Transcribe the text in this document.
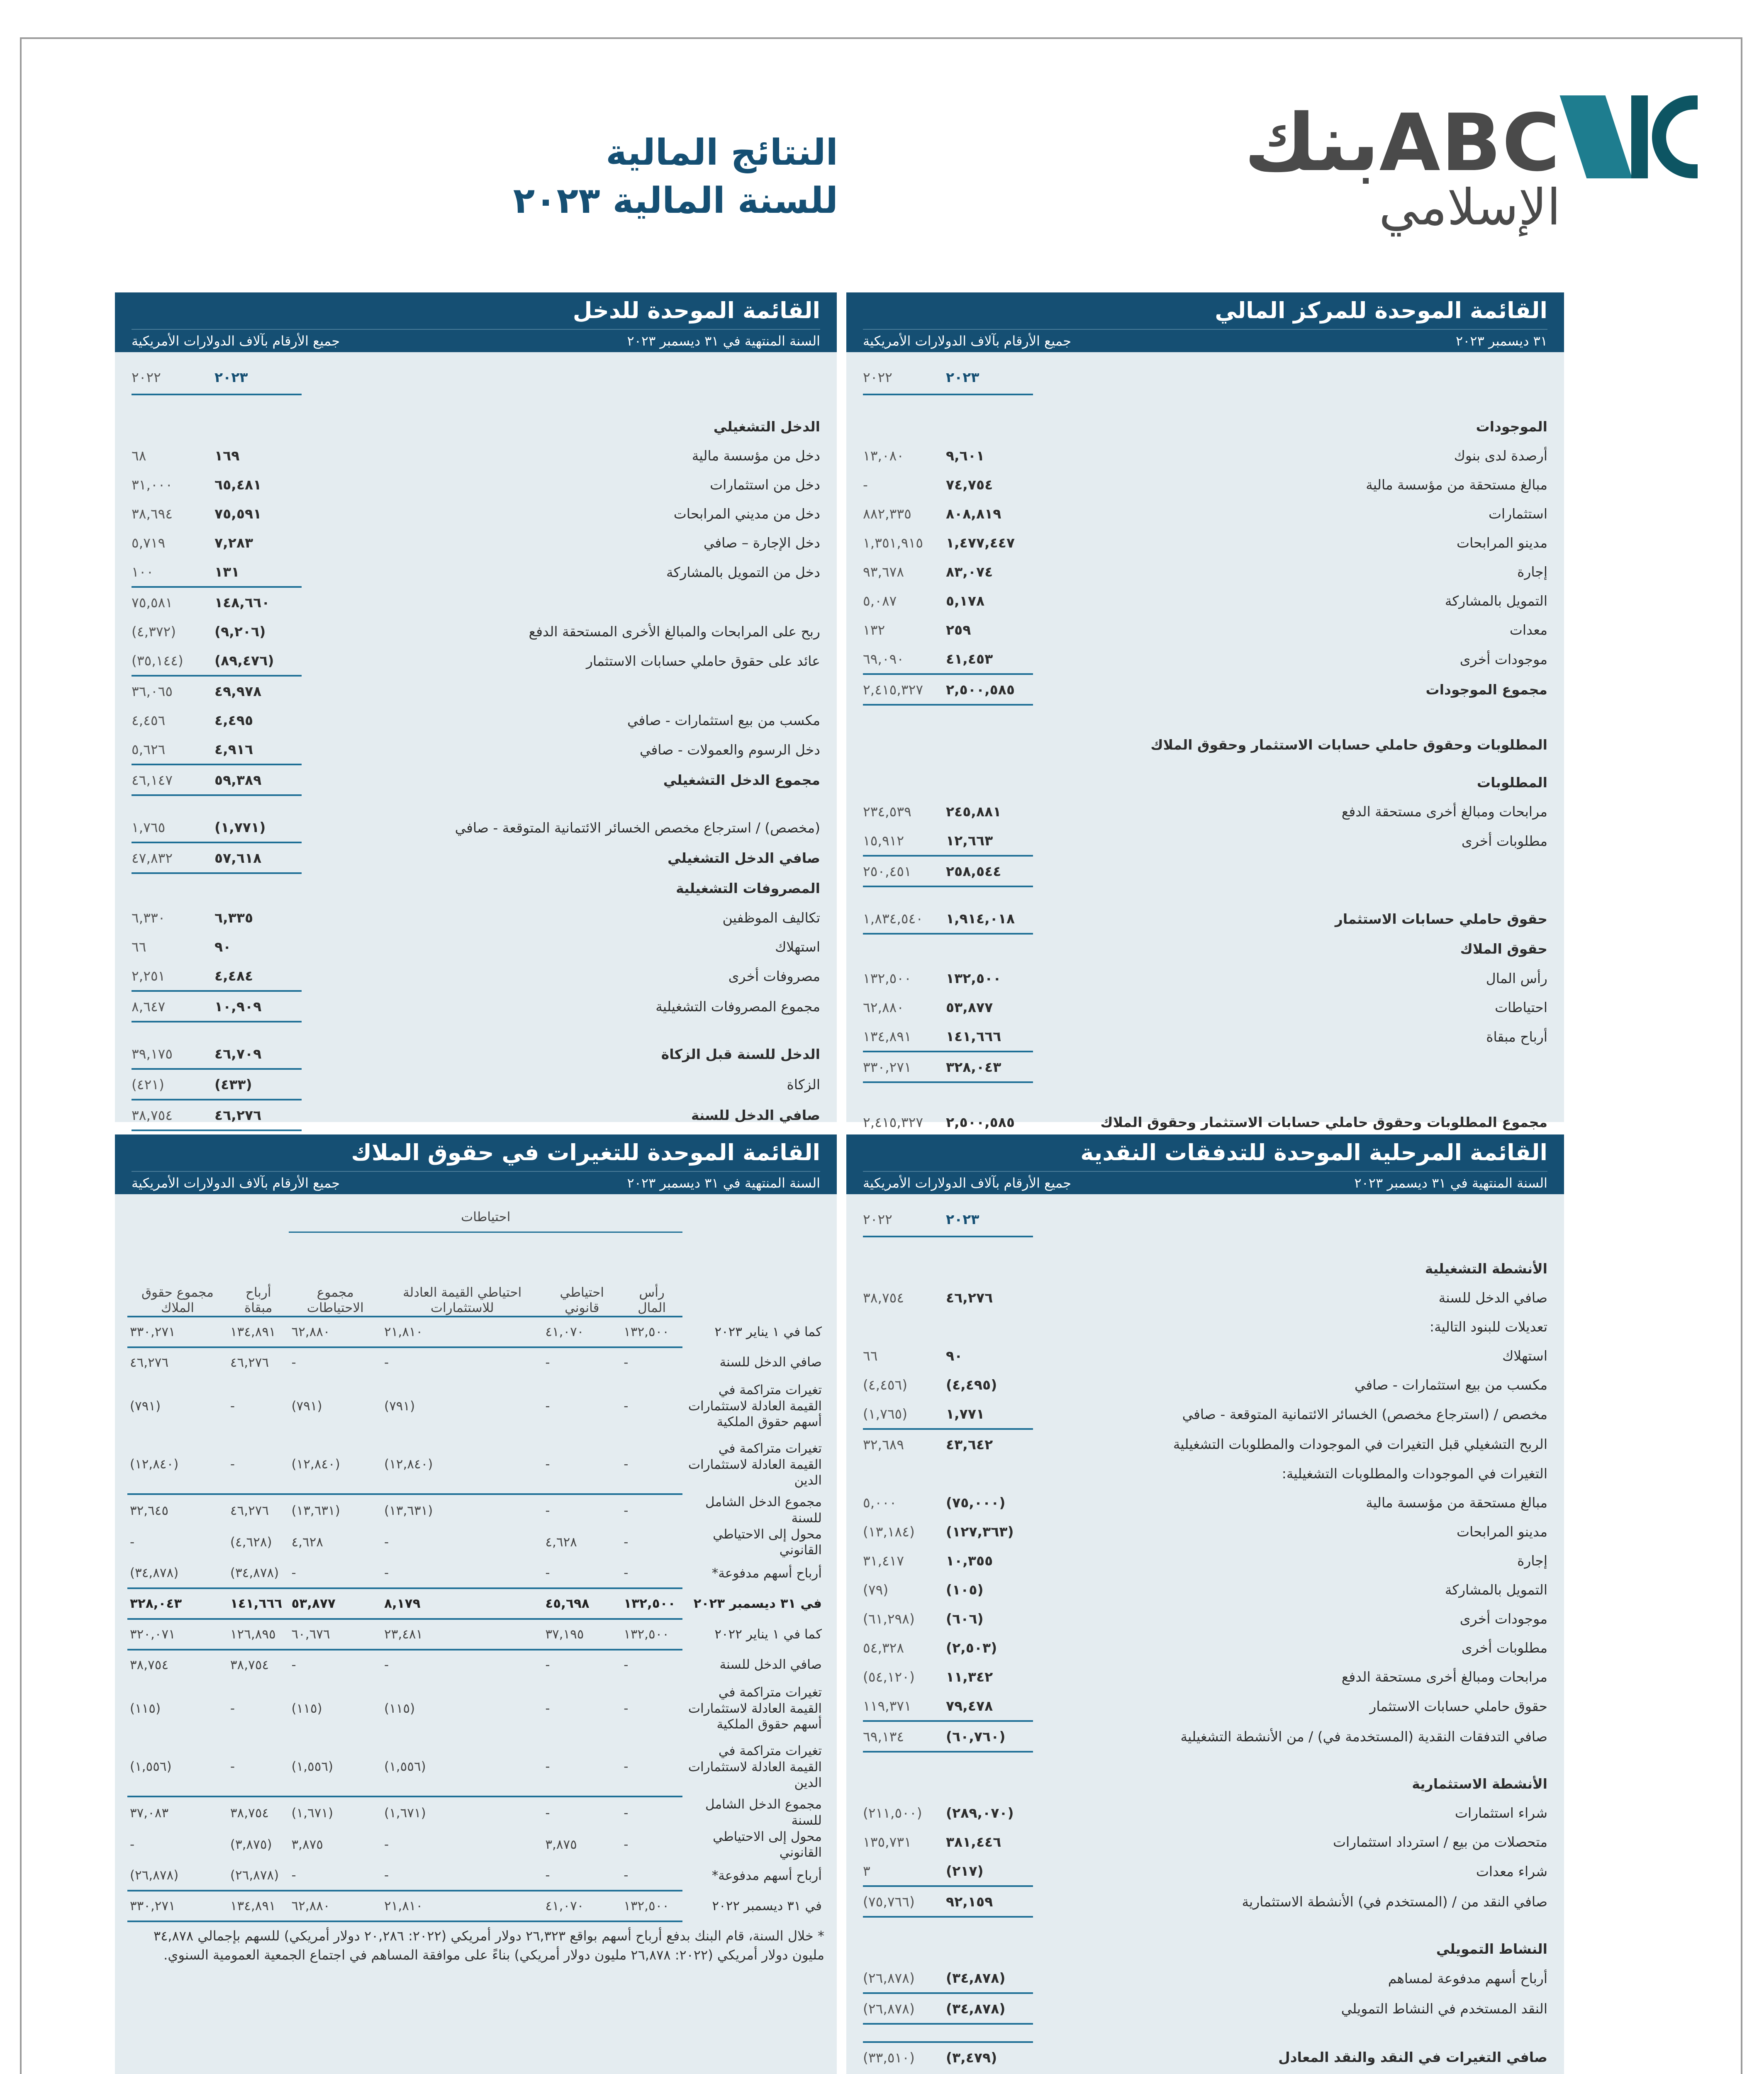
ABCبنك
الإسلامي
النتائج المالية
للسنة المالية ٢٠٢٣
القائمة الموحدة للمركز المالي
٣١ ديسمبر ٢٠٢٣
جميع الأرقام بآلاف الدولارات الأمريكية
		٢٠٢٣	٢٠٢٢

الموجودات			
أرصدة لدى بنوك		٩,٦٠١	١٣,٠٨٠
مبالغ مستحقة من مؤسسة مالية		٧٤,٧٥٤	-
استثمارات		٨٠٨,٨١٩	٨٨٢,٣٣٥
مدينو المرابحات		١,٤٧٧,٤٤٧	١,٣٥١,٩١٥
إجارة		٨٣,٠٧٤	٩٣,٦٧٨
التمويل بالمشاركة		٥,١٧٨	٥,٠٨٧
معدات		٢٥٩	١٣٢
موجودات أخرى		٤١,٤٥٣	٦٩,٠٩٠
مجموع الموجودات		٢,٥٠٠,٥٨٥	٢,٤١٥,٣٢٧

المطلوبات وحقوق حاملي حسابات الاستثمار وحقوق الملاك			
المطلوبات			
مرابحات ومبالغ أخرى مستحقة الدفع		٢٤٥,٨٨١	٢٣٤,٥٣٩
مطلوبات أخرى		١٢,٦٦٣	١٥,٩١٢
		٢٥٨,٥٤٤	٢٥٠,٤٥١

حقوق حاملي حسابات الاستثمار		١,٩١٤,٠١٨	١,٨٣٤,٥٤٠
حقوق الملاك			
رأس المال		١٣٢,٥٠٠	١٣٢,٥٠٠
احتياطات		٥٣,٨٧٧	٦٢,٨٨٠
أرباح مبقاة		١٤١,٦٦٦	١٣٤,٨٩١
		٣٢٨,٠٤٣	٣٣٠,٢٧١

مجموع المطلوبات وحقوق حاملي حسابات الاستثمار وحقوق الملاك		٢,٥٠٠,٥٨٥	٢,٤١٥,٣٢٧
القائمة الموحدة للدخل
السنة المنتهية في ٣١ ديسمبر ٢٠٢٣
جميع الأرقام بآلاف الدولارات الأمريكية
		٢٠٢٣	٢٠٢٢

الدخل التشغيلي			
دخل من مؤسسة مالية		١٦٩	٦٨
دخل من استثمارات		٦٥,٤٨١	٣١,٠٠٠
دخل من مديني المرابحات		٧٥,٥٩١	٣٨,٦٩٤
دخل الإجارة – صافي		٧,٢٨٣	٥,٧١٩
دخل من التمويل بالمشاركة		١٣١	١٠٠
		١٤٨,٦٦٠	٧٥,٥٨١
ربح على المرابحات والمبالغ الأخرى المستحقة الدفع		(٩,٢٠٦)	(٤,٣٧٢)
عائد على حقوق حاملي حسابات الاستثمار		(٨٩,٤٧٦)	(٣٥,١٤٤)
		٤٩,٩٧٨	٣٦,٠٦٥
مكسب من بيع استثمارات - صافي		٤,٤٩٥	٤,٤٥٦
دخل الرسوم والعمولات - صافي		٤,٩١٦	٥,٦٢٦
مجموع الدخل التشغيلي		٥٩,٣٨٩	٤٦,١٤٧

(مخصص) / استرجاع مخصص الخسائر الائتمانية المتوقعة - صافي		(١,٧٧١)	١,٧٦٥
صافي الدخل التشغيلي		٥٧,٦١٨	٤٧,٨٣٢
المصروفات التشغيلية			
تكاليف الموظفين		٦,٣٣٥	٦,٣٣٠
استهلاك		٩٠	٦٦
مصروفات أخرى		٤,٤٨٤	٢,٢٥١
مجموع المصروفات التشغيلية		١٠,٩٠٩	٨,٦٤٧

الدخل للسنة قبل الزكاة		٤٦,٧٠٩	٣٩,١٧٥
الزكاة		(٤٣٣)	(٤٢١)
صافي الدخل للسنة		٤٦,٢٧٦	٣٨,٧٥٤
القائمة المرحلية الموحدة للتدفقات النقدية
السنة المنتهية في ٣١ ديسمبر ٢٠٢٣
جميع الأرقام بآلاف الدولارات الأمريكية
		٢٠٢٣	٢٠٢٢

الأنشطة التشغيلية			
صافي الدخل للسنة		٤٦,٢٧٦	٣٨,٧٥٤
تعديلات للبنود التالية:			
استهلاك		٩٠	٦٦
مكسب من بيع استثمارات - صافي		(٤,٤٩٥)	(٤,٤٥٦)
مخصص / (استرجاع مخصص) الخسائر الائتمانية المتوقعة - صافي		١,٧٧١	(١,٧٦٥)
الربح التشغيلي قبل التغيرات في الموجودات والمطلوبات التشغيلية		٤٣,٦٤٢	٣٢,٦٨٩
التغيرات في الموجودات والمطلوبات التشغيلية:			
مبالغ مستحقة من مؤسسة مالية		(٧٥,٠٠٠)	٥,٠٠٠
مدينو المرابحات		(١٢٧,٣٦٣)	(١٣,١٨٤)
إجارة		١٠,٣٥٥	٣١,٤١٧
التمويل بالمشاركة		(١٠٥)	(٧٩)
موجودات أخرى		(٦٠٦)	(٦١,٢٩٨)
مطلوبات أخرى		(٢,٥٠٣)	٥٤,٣٢٨
مرابحات ومبالغ أخرى مستحقة الدفع		١١,٣٤٢	(٥٤,١٢٠)
حقوق حاملي حسابات الاستثمار		٧٩,٤٧٨	١١٩,٣٧١
صافي التدفقات النقدية (المستخدمة في) / من الأنشطة التشغيلية		(٦٠,٧٦٠)	٦٩,١٣٤

الأنشطة الاستثمارية			
شراء استثمارات		(٢٨٩,٠٧٠)	(٢١١,٥٠٠)
متحصلات من بيع / استرداد استثمارات		٣٨١,٤٤٦	١٣٥,٧٣١
شراء معدات		(٢١٧)	٣
صافي النقد من / (المستخدم في) الأنشطة الاستثمارية		٩٢,١٥٩	(٧٥,٧٦٦)

النشاط التمويلي			
أرباح أسهم مدفوعة لمساهم		(٣٤,٨٧٨)	(٢٦,٨٧٨)
النقد المستخدم في النشاط التمويلي		(٣٤,٨٧٨)	(٢٦,٨٧٨)

صافي التغيرات في النقد والنقد المعادل		(٣,٤٧٩)	(٣٣,٥١٠)

القائمة الموحدة للتغيرات في حقوق الملاك
السنة المنتهية في ٣١ ديسمبر ٢٠٢٣
جميع الأرقام بآلاف الدولارات الأمريكية
	احتياطات					
	رأس المال	احتياطي قانوني	احتياطي القيمة العادلة للاستثمارات	مجموع الاحتياطات	أرباح مبقاة	مجموع حقوق الملاك
كما في ١ يناير ٢٠٢٣	١٣٢,٥٠٠	٤١,٠٧٠	٢١,٨١٠	٦٢,٨٨٠	١٣٤,٨٩١	٣٣٠,٢٧١
صافي الدخل للسنة	-	-	-	-	٤٦,٢٧٦	٤٦,٢٧٦
تغيرات متراكمة في القيمة العادلة لاستثمارات أسهم حقوق الملكية	-	-	(٧٩١)	(٧٩١)	-	(٧٩١)
تغيرات متراكمة في القيمة العادلة لاستثمارات الدين	-	-	(١٢,٨٤٠)	(١٢,٨٤٠)	-	(١٢,٨٤٠)
مجموع الدخل الشامل للسنة	-	-	(١٣,٦٣١)	(١٣,٦٣١)	٤٦,٢٧٦	٣٢,٦٤٥
محول إلى الاحتياطي القانوني	-	٤,٦٢٨	-	٤,٦٢٨	(٤,٦٢٨)	-
أرباح أسهم مدفوعة*	-	-	-	-	(٣٤,٨٧٨)	(٣٤,٨٧٨)
في ٣١ ديسمبر ٢٠٢٣	١٣٢,٥٠٠	٤٥,٦٩٨	٨,١٧٩	٥٣,٨٧٧	١٤١,٦٦٦	٣٢٨,٠٤٣
كما في ١ يناير ٢٠٢٢	١٣٢,٥٠٠	٣٧,١٩٥	٢٣,٤٨١	٦٠,٦٧٦	١٢٦,٨٩٥	٣٢٠,٠٧١
صافي الدخل للسنة	-	-	-	-	٣٨,٧٥٤	٣٨,٧٥٤
تغيرات متراكمة في القيمة العادلة لاستثمارات أسهم حقوق الملكية	-	-	(١١٥)	(١١٥)	-	(١١٥)
تغيرات متراكمة في القيمة العادلة لاستثمارات الدين	-	-	(١,٥٥٦)	(١,٥٥٦)	-	(١,٥٥٦)
مجموع الدخل الشامل للسنة	-	-	(١,٦٧١)	(١,٦٧١)	٣٨,٧٥٤	٣٧,٠٨٣
محول إلى الاحتياطي القانوني	-	٣,٨٧٥	-	٣,٨٧٥	(٣,٨٧٥)	-
أرباح أسهم مدفوعة*	-	-	-	-	(٢٦,٨٧٨)	(٢٦,٨٧٨)
في ٣١ ديسمبر ٢٠٢٢	١٣٢,٥٠٠	٤١,٠٧٠	٢١,٨١٠	٦٢,٨٨٠	١٣٤,٨٩١	٣٣٠,٢٧١
* خلال السنة، قام البنك بدفع أرباح أسهم بواقع ٢٦,٣٢٣ دولار أمريكي (٢٠٢٢: ٢٠,٢٨٦ دولار أمريكي) للسهم بإجمالي ٣٤,٨٧٨ مليون دولار أمريكي (٢٠٢٢: ٢٦,٨٧٨ مليون دولار أمريكي) بناءً على موافقة المساهم في اجتماع الجمعية العمومية السنوي.
